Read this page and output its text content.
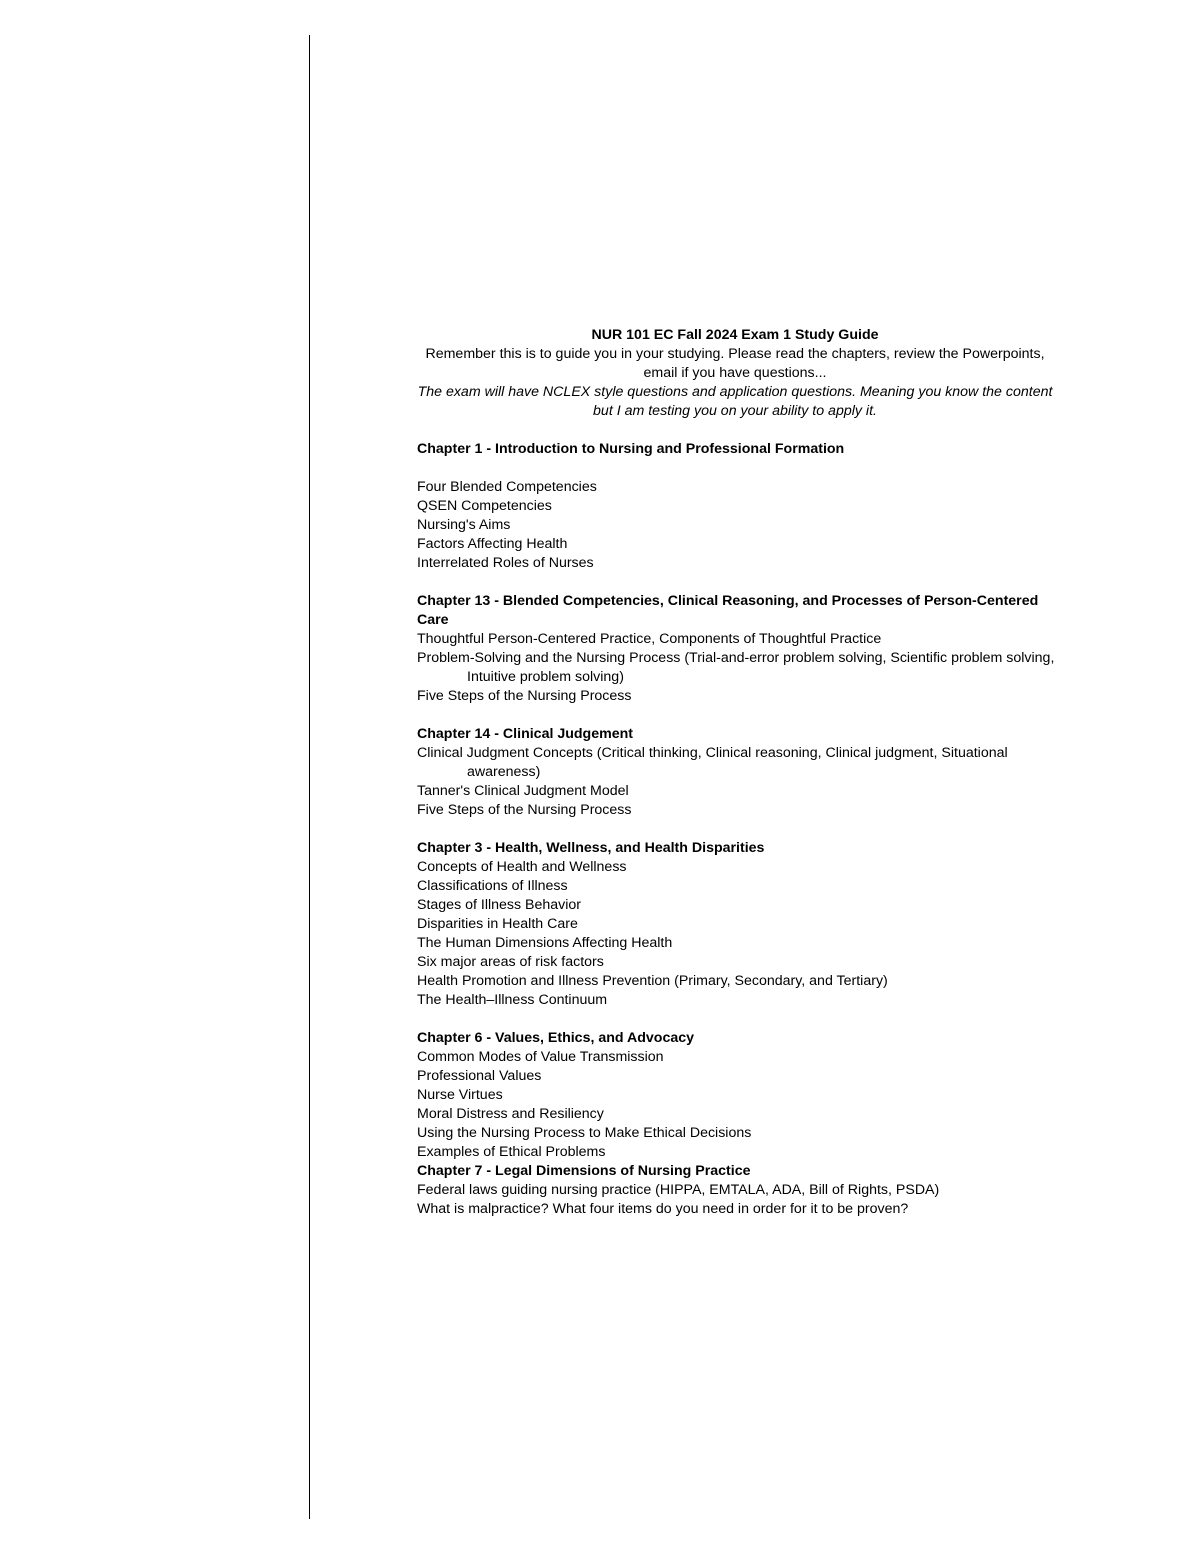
NUR 101 EC Fall 2024 Exam 1 Study Guide
Remember this is to guide you in your studying. Please read the chapters, review the Powerpoints, email if you have questions...
The exam will have NCLEX style questions and application questions. Meaning you know the content but I am testing you on your ability to apply it.
Chapter 1 - Introduction to Nursing and Professional Formation
Four Blended Competencies
QSEN Competencies
Nursing's Aims
Factors Affecting Health
Interrelated Roles of Nurses
Chapter 13 - Blended Competencies, Clinical Reasoning, and Processes of Person-Centered Care
Thoughtful Person-Centered Practice, Components of Thoughtful Practice
Problem-Solving and the Nursing Process (Trial-and-error problem solving, Scientific problem solving, Intuitive problem solving)
Five Steps of the Nursing Process
Chapter 14 - Clinical Judgement
Clinical Judgment Concepts (Critical thinking, Clinical reasoning, Clinical judgment, Situational awareness)
Tanner's Clinical Judgment Model
Five Steps of the Nursing Process
Chapter 3 - Health, Wellness, and Health Disparities
Concepts of Health and Wellness
Classifications of Illness
Stages of Illness Behavior
Disparities in Health Care
The Human Dimensions Affecting Health
Six major areas of risk factors
Health Promotion and Illness Prevention (Primary, Secondary, and Tertiary)
The Health–Illness Continuum
Chapter 6 - Values, Ethics, and Advocacy
Common Modes of Value Transmission
Professional Values
Nurse Virtues
Moral Distress and Resiliency
Using the Nursing Process to Make Ethical Decisions
Examples of Ethical Problems
Chapter 7 - Legal Dimensions of Nursing Practice
Federal laws guiding nursing practice (HIPPA, EMTALA, ADA, Bill of Rights, PSDA)
What is malpractice? What four items do you need in order for it to be proven?
